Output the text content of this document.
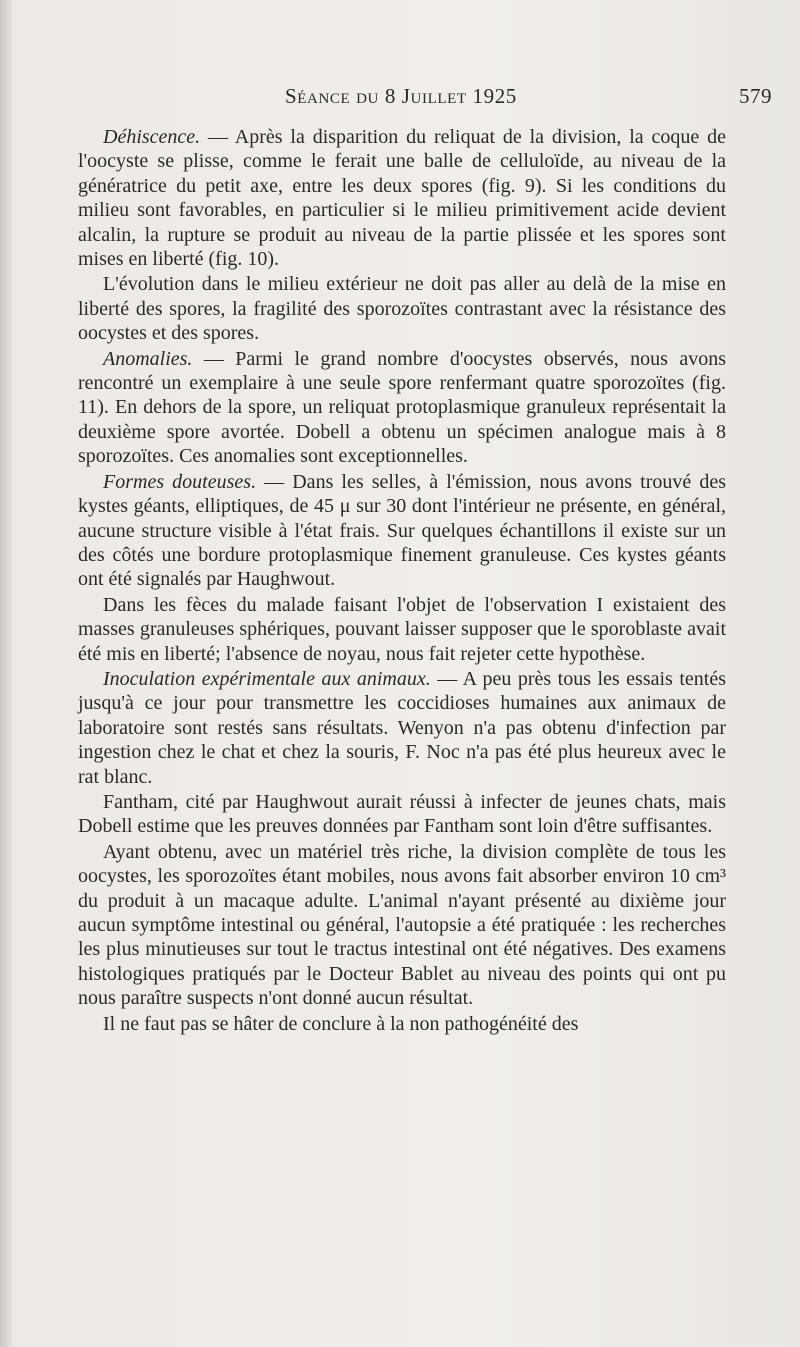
Séance du 8 Juillet 1925	579

Déhiscence. — Après la disparition du reliquat de la division, la coque de l'oocyste se plisse, comme le ferait une balle de celluloïde, au niveau de la génératrice du petit axe, entre les deux spores (fig. 9). Si les conditions du milieu sont favorables, en particulier si le milieu primitivement acide devient alcalin, la rupture se produit au niveau de la partie plissée et les spores sont mises en liberté (fig. 10).

L'évolution dans le milieu extérieur ne doit pas aller au delà de la mise en liberté des spores, la fragilité des sporozoïtes contrastant avec la résistance des oocystes et des spores.

Anomalies. — Parmi le grand nombre d'oocystes observés, nous avons rencontré un exemplaire à une seule spore renfermant quatre sporozoïtes (fig. 11). En dehors de la spore, un reliquat protoplasmique granuleux représentait la deuxième spore avortée. Dobell a obtenu un spécimen analogue mais à 8 sporozoïtes. Ces anomalies sont exceptionnelles.

Formes douteuses. — Dans les selles, à l'émission, nous avons trouvé des kystes géants, elliptiques, de 45 μ sur 30 dont l'intérieur ne présente, en général, aucune structure visible à l'état frais. Sur quelques échantillons il existe sur un des côtés une bordure protoplasmique finement granuleuse. Ces kystes géants ont été signalés par Haughwout.

Dans les fèces du malade faisant l'objet de l'observation I existaient des masses granuleuses sphériques, pouvant laisser supposer que le sporoblaste avait été mis en liberté; l'absence de noyau, nous fait rejeter cette hypothèse.

Inoculation expérimentale aux animaux. — A peu près tous les essais tentés jusqu'à ce jour pour transmettre les coccidioses humaines aux animaux de laboratoire sont restés sans résultats. Wenyon n'a pas obtenu d'infection par ingestion chez le chat et chez la souris, F. Noc n'a pas été plus heureux avec le rat blanc.

Fantham, cité par Haughwout aurait réussi à infecter de jeunes chats, mais Dobell estime que les preuves données par Fantham sont loin d'être suffisantes.

Ayant obtenu, avec un matériel très riche, la division complète de tous les oocystes, les sporozoïtes étant mobiles, nous avons fait absorber environ 10 cm³ du produit à un macaque adulte. L'animal n'ayant présenté au dixième jour aucun symptôme intestinal ou général, l'autopsie a été pratiquée : les recherches les plus minutieuses sur tout le tractus intestinal ont été négatives. Des examens histologiques pratiqués par le Docteur Bablet au niveau des points qui ont pu nous paraître suspects n'ont donné aucun résultat.

Il ne faut pas se hâter de conclure à la non pathogénéité des
